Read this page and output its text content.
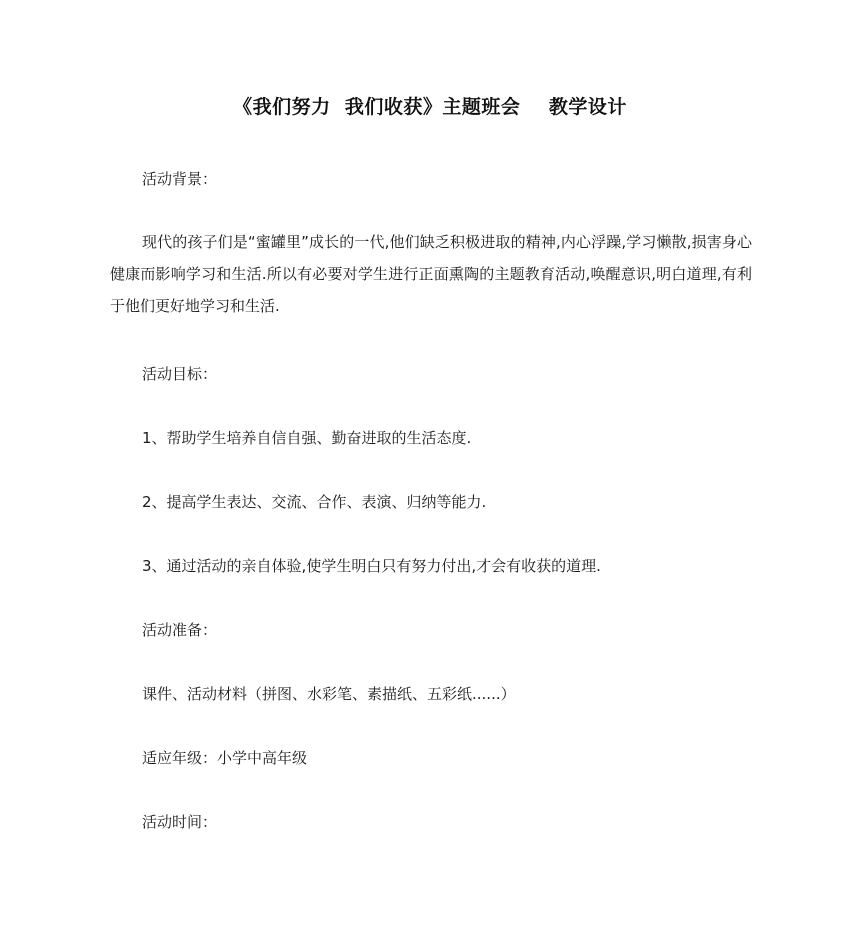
《我们努力  我们收获》主题班会    教学设计
活动背景：
现代的孩子们是“蜜罐里”成长的一代,他们缺乏积极进取的精神,内心浮躁,学习懒散,损害身心健康而影响学习和生活.所以有必要对学生进行正面熏陶的主题教育活动,唤醒意识,明白道理,有利于他们更好地学习和生活.
活动目标：
1、帮助学生培养自信自强、勤奋进取的生活态度.
2、提高学生表达、交流、合作、表演、归纳等能力.
3、通过活动的亲自体验,使学生明白只有努力付出,才会有收获的道理.
活动准备：
课件、活动材料（拼图、水彩笔、素描纸、五彩纸......）
适应年级：小学中高年级
活动时间：
